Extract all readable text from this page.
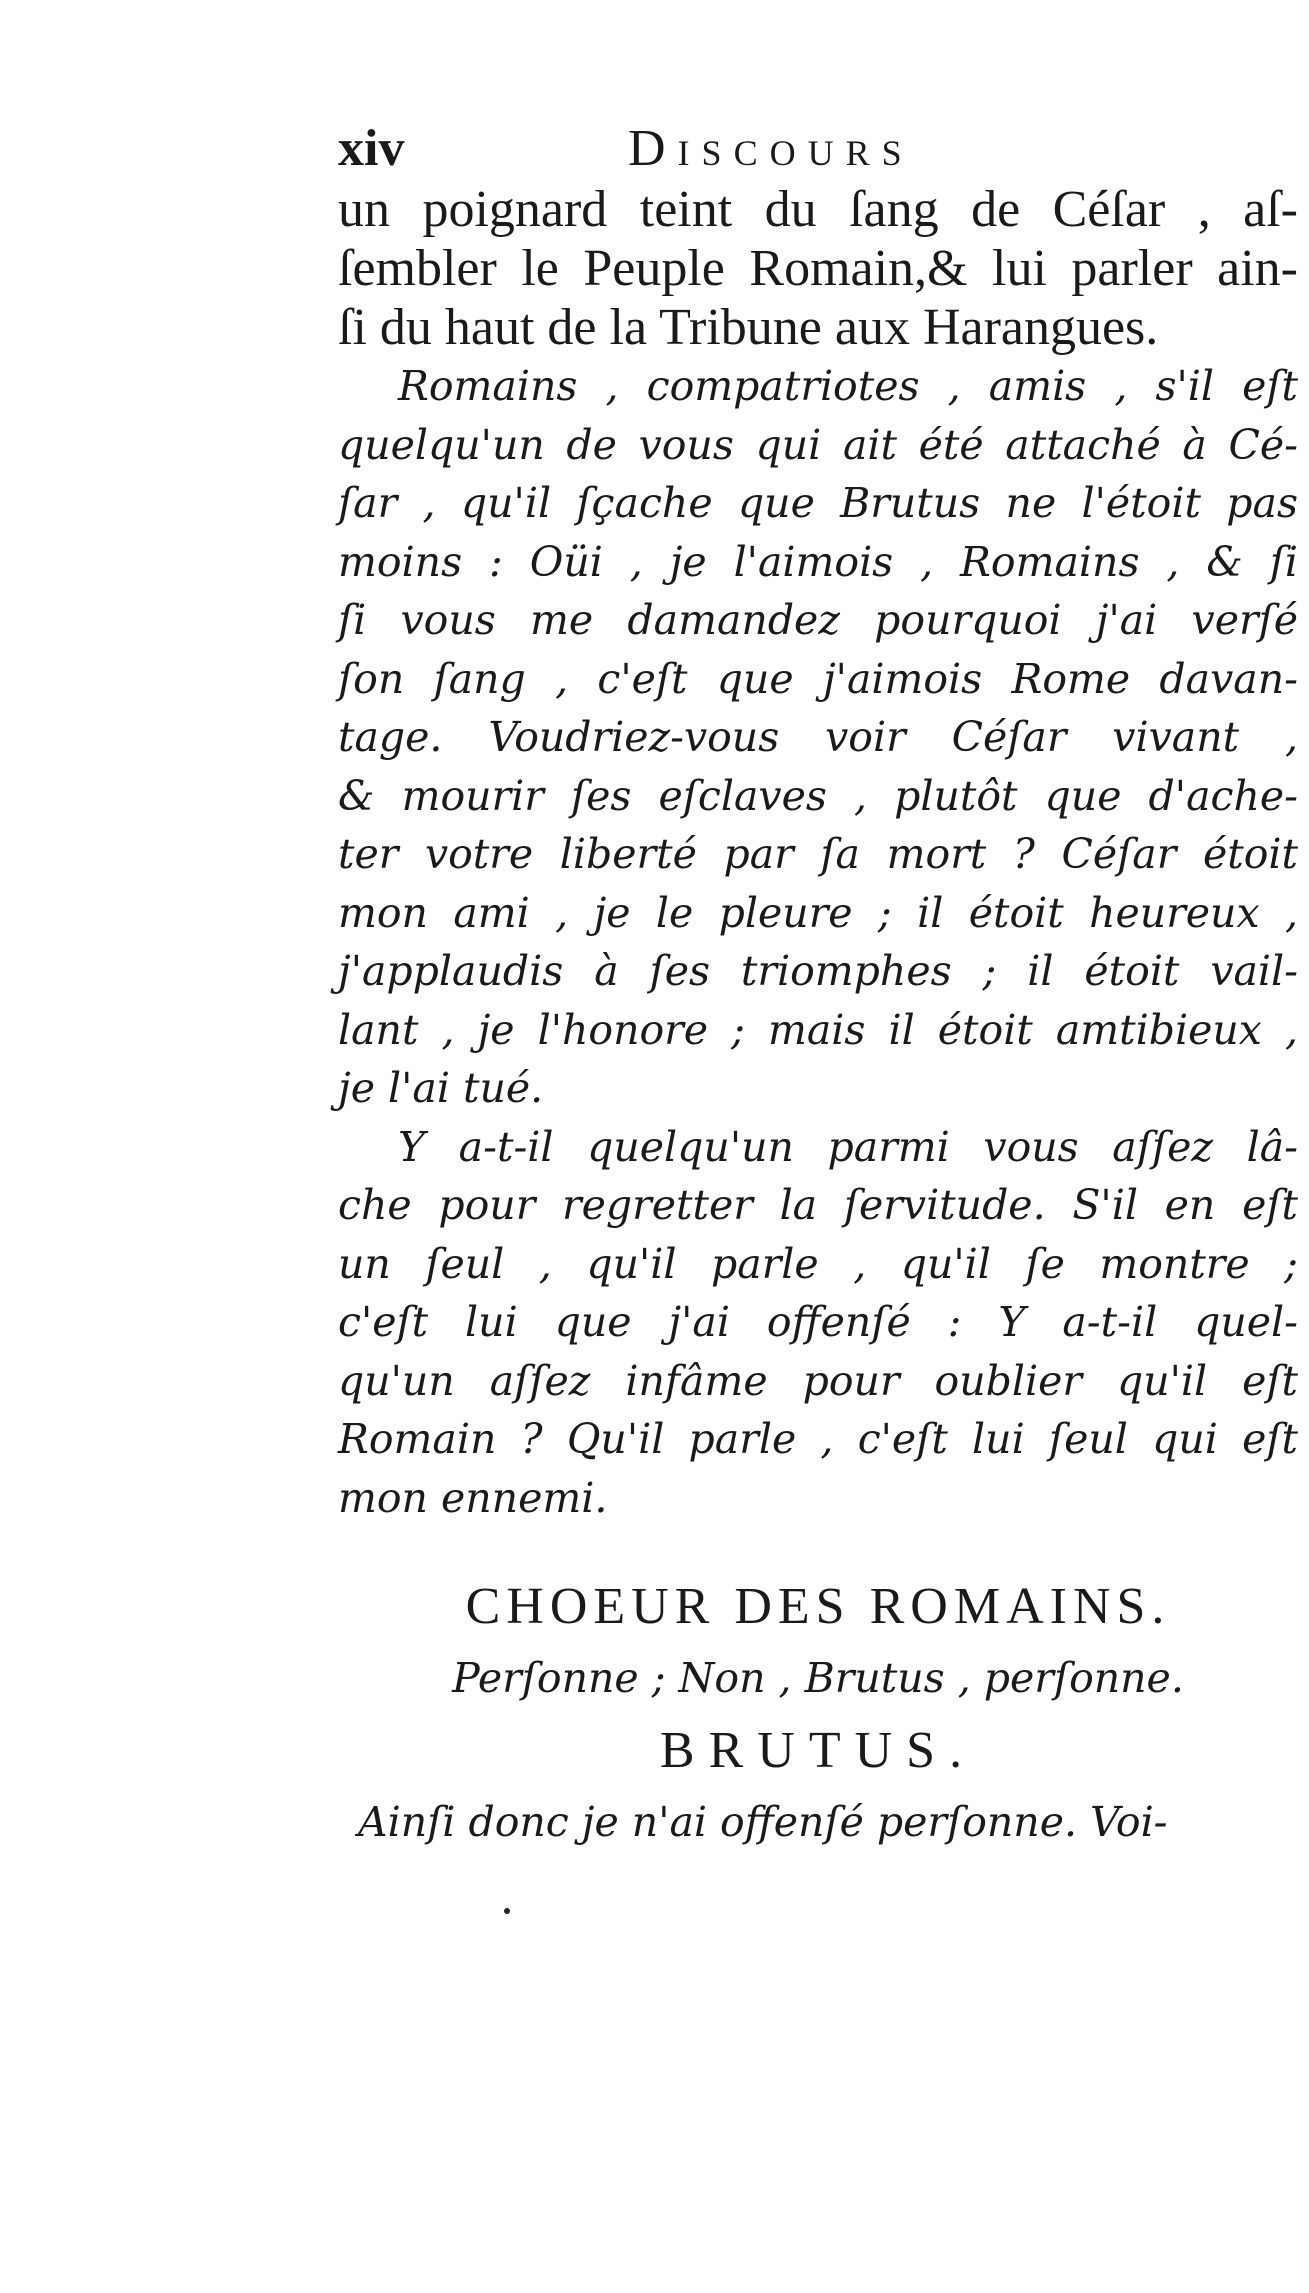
xiv	Discours
un poignard teint du ſang de Céſar , aſ-
ſembler le Peuple Romain,& lui parler ain-
ſi du haut de la Tribune aux Harangues.
Romains , compatriotes , amis , s'il eſt
quelqu'un de vous qui ait été attaché à Cé-
ſar , qu'il ſçache que Brutus ne l'étoit pas
moins : Oüi , je l'aimois , Romains , & ſi
ſi vous me damandez pourquoi j'ai verſé
ſon ſang , c'eſt que j'aimois Rome davan-
tage. Voudriez-vous voir Céſar vivant ,
& mourir ſes eſclaves , plutôt que d'ache-
ter votre liberté par ſa mort ? Céſar étoit
mon ami , je le pleure ; il étoit heureux ,
j'applaudis à ſes triomphes ; il étoit vail-
lant , je l'honore ; mais il étoit amtibieux ,
je l'ai tué.
Y a-t-il quelqu'un parmi vous aſſez lâ-
che pour regretter la ſervitude. S'il en eſt
un ſeul , qu'il parle , qu'il ſe montre ;
c'eſt lui que j'ai offenſé : Y a-t-il quel-
qu'un aſſez infâme pour oublier qu'il eſt
Romain ? Qu'il parle , c'eſt lui ſeul qui eſt
mon ennemi.

CHOEUR DES ROMAINS.

Perſonne ; Non , Brutus , perſonne.

BRUTUS.

Ainſi donc je n'ai offenſé perſonne. Voi-
